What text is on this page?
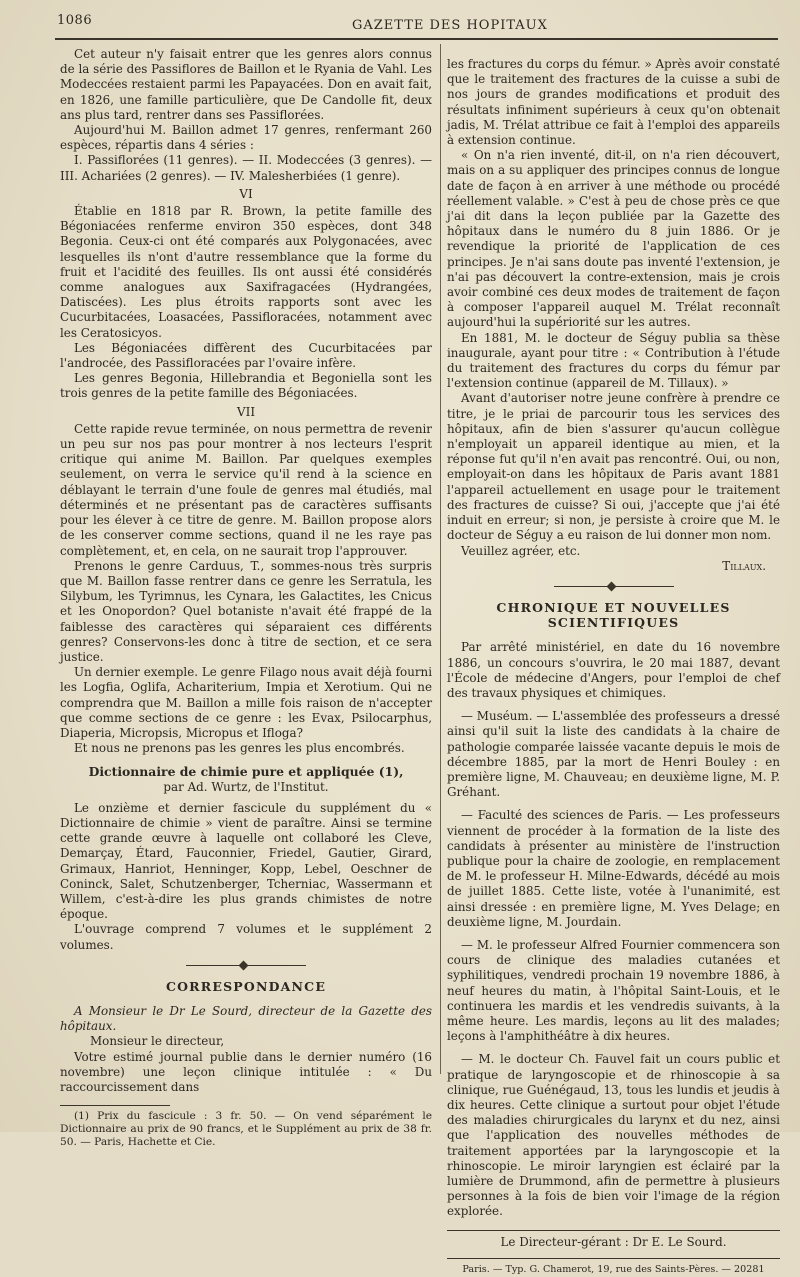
1086	GAZETTE DES HOPITAUX

Cet auteur n'y faisait entrer que les genres alors connus de la série des Passiflores de Baillon et le Ryania de Vahl. Les Modeccées restaient parmi les Papayacées. Don en avait fait, en 1826, une famille particulière, que De Candolle fit, deux ans plus tard, rentrer dans ses Passiflorées.

Aujourd'hui M. Baillon admet 17 genres, renfermant 260 espèces, répartis dans 4 séries :

I. Passiflorées (11 genres). — II. Modeccées (3 genres). — III. Achariées (2 genres). — IV. Malesherbiées (1 genre).

VI

Établie en 1818 par R. Brown, la petite famille des Bégoniacées renferme environ 350 espèces, dont 348 Begonia. Ceux-ci ont été comparés aux Polygonacées, avec lesquelles ils n'ont d'autre ressemblance que la forme du fruit et l'acidité des feuilles. Ils ont aussi été considérés comme analogues aux Saxifragacées (Hydrangées, Datiscées). Les plus étroits rapports sont avec les Cucurbitacées, Loasacées, Passifloracées, notamment avec les Ceratosicyos.

Les Bégoniacées diffèrent des Cucurbitacées par l'androcée, des Passifloracées par l'ovaire infère.

Les genres Begonia, Hillebrandia et Begoniella sont les trois genres de la petite famille des Bégoniacées.

VII

Cette rapide revue terminée, on nous permettra de revenir un peu sur nos pas pour montrer à nos lecteurs l'esprit critique qui anime M. Baillon. Par quelques exemples seulement, on verra le service qu'il rend à la science en déblayant le terrain d'une foule de genres mal étudiés, mal déterminés et ne présentant pas de caractères suffisants pour les élever à ce titre de genre. M. Baillon propose alors de les conserver comme sections, quand il ne les raye pas complètement, et, en cela, on ne saurait trop l'approuver.

Prenons le genre Carduus, T., sommes-nous très surpris que M. Baillon fasse rentrer dans ce genre les Serratula, les Silybum, les Tyrimnus, les Cynara, les Galactites, les Cnicus et les Onopordon? Quel botaniste n'avait été frappé de la faiblesse des caractères qui séparaient ces différents genres? Conservons-les donc à titre de section, et ce sera justice.

Un dernier exemple. Le genre Filago nous avait déjà fourni les Logfia, Oglifa, Achariterium, Impia et Xerotium. Qui ne comprendra que M. Baillon a mille fois raison de n'accepter que comme sections de ce genre : les Evax, Psilocarphus, Diaperia, Micropsis, Micropus et Ifloga?

Et nous ne prenons pas les genres les plus encombrés.

Dictionnaire de chimie pure et appliquée (1),

par Ad. Wurtz, de l'Institut.

Le onzième et dernier fascicule du supplément du « Dictionnaire de chimie » vient de paraître. Ainsi se termine cette grande œuvre à laquelle ont collaboré les Cleve, Demarçay, Étard, Fauconnier, Friedel, Gautier, Girard, Grimaux, Hanriot, Henninger, Kopp, Lebel, Oeschner de Coninck, Salet, Schutzenberger, Tcherniac, Wassermann et Willem, c'est-à-dire les plus grands chimistes de notre époque.

L'ouvrage comprend 7 volumes et le supplément 2 volumes.

CORRESPONDANCE

A Monsieur le Dr Le Sourd, directeur de la Gazette des hôpitaux.

Monsieur le directeur,

Votre estimé journal publie dans le dernier numéro (16 novembre) une leçon clinique intitulée : « Du raccourcissement dans

(1) Prix du fascicule : 3 fr. 50. — On vend séparément le Dictionnaire au prix de 90 francs, et le Supplément au prix de 38 fr. 50. — Paris, Hachette et Cie.

les fractures du corps du fémur. » Après avoir constaté que le traitement des fractures de la cuisse a subi de nos jours de grandes modifications et produit des résultats infiniment supérieurs à ceux qu'on obtenait jadis, M. Trélat attribue ce fait à l'emploi des appareils à extension continue.

« On n'a rien inventé, dit-il, on n'a rien découvert, mais on a su appliquer des principes connus de longue date de façon à en arriver à une méthode ou procédé réellement valable. » C'est à peu de chose près ce que j'ai dit dans la leçon publiée par la Gazette des hôpitaux dans le numéro du 8 juin 1886. Or je revendique la priorité de l'application de ces principes. Je n'ai sans doute pas inventé l'extension, je n'ai pas découvert la contre-extension, mais je crois avoir combiné ces deux modes de traitement de façon à composer l'appareil auquel M. Trélat reconnaît aujourd'hui la supériorité sur les autres.

En 1881, M. le docteur de Séguy publia sa thèse inaugurale, ayant pour titre : « Contribution à l'étude du traitement des fractures du corps du fémur par l'extension continue (appareil de M. Tillaux). »

Avant d'autoriser notre jeune confrère à prendre ce titre, je le priai de parcourir tous les services des hôpitaux, afin de bien s'assurer qu'aucun collègue n'employait un appareil identique au mien, et la réponse fut qu'il n'en avait pas rencontré. Oui, ou non, employait-on dans les hôpitaux de Paris avant 1881 l'appareil actuellement en usage pour le traitement des fractures de cuisse? Si oui, j'accepte que j'ai été induit en erreur; si non, je persiste à croire que M. le docteur de Séguy a eu raison de lui donner mon nom.

Veuillez agréer, etc.

Tillaux.

CHRONIQUE ET NOUVELLES SCIENTIFIQUES

Par arrêté ministériel, en date du 16 novembre 1886, un concours s'ouvrira, le 20 mai 1887, devant l'École de médecine d'Angers, pour l'emploi de chef des travaux physiques et chimiques.

— Muséum. — L'assemblée des professeurs a dressé ainsi qu'il suit la liste des candidats à la chaire de pathologie comparée laissée vacante depuis le mois de décembre 1885, par la mort de Henri Bouley : en première ligne, M. Chauveau; en deuxième ligne, M. P. Gréhant.

— Faculté des sciences de Paris. — Les professeurs viennent de procéder à la formation de la liste des candidats à présenter au ministère de l'instruction publique pour la chaire de zoologie, en remplacement de M. le professeur H. Milne-Edwards, décédé au mois de juillet 1885. Cette liste, votée à l'unanimité, est ainsi dressée : en première ligne, M. Yves Delage; en deuxième ligne, M. Jourdain.

— M. le professeur Alfred Fournier commencera son cours de clinique des maladies cutanées et syphilitiques, vendredi prochain 19 novembre 1886, à neuf heures du matin, à l'hôpital Saint-Louis, et le continuera les mardis et les vendredis suivants, à la même heure. Les mardis, leçons au lit des malades; leçons à l'amphithéâtre à dix heures.

— M. le docteur Ch. Fauvel fait un cours public et pratique de laryngoscopie et de rhinoscopie à sa clinique, rue Guénégaud, 13, tous les lundis et jeudis à dix heures. Cette clinique a surtout pour objet l'étude des maladies chirurgicales du larynx et du nez, ainsi que l'application des nouvelles méthodes de traitement apportées par la laryngoscopie et la rhinoscopie. Le miroir laryngien est éclairé par la lumière de Drummond, afin de permettre à plusieurs personnes à la fois de bien voir l'image de la région explorée.

Le Directeur-gérant : Dr E. Le Sourd.

Paris. — Typ. G. Chamerot, 19, rue des Saints-Pères. — 20281
